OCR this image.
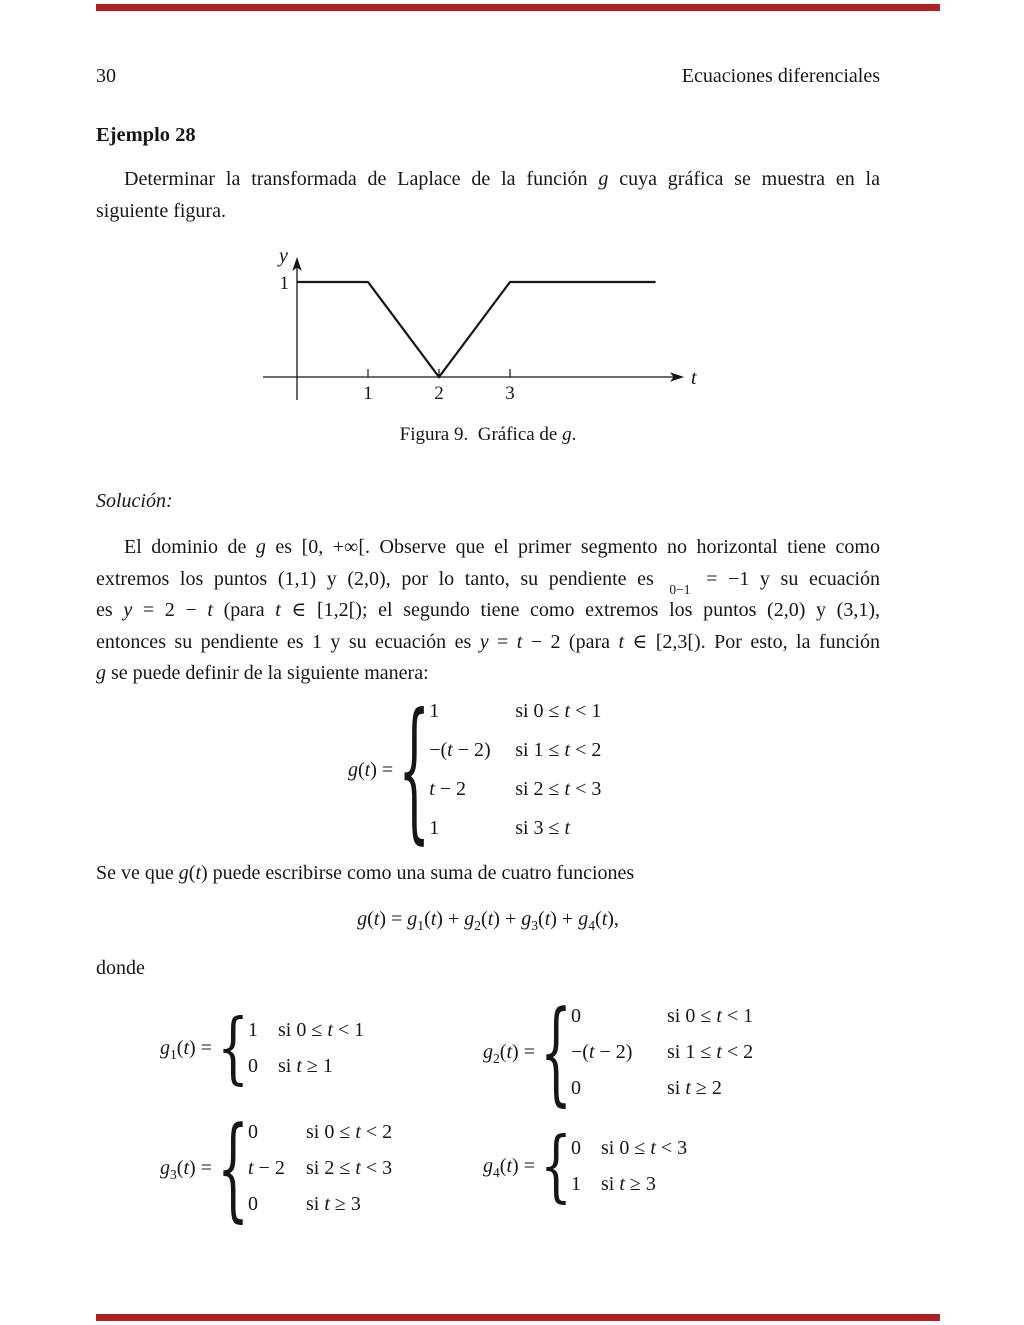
30	Ecuaciones diferenciales
Ejemplo 28
Determinar la transformada de Laplace de la función g cuya gráfica se muestra en la
siguiente figura.
y
t
1
1	2	3
Figura 9.  Gráfica de g.
Solución:
El dominio de g es [0, +∞[. Observe que el primer segmento no horizontal tiene como
extremos los puntos (1,1) y (2,0), por lo tanto, su pendiente es 0−1 = −1 y su ecuación
es y = 2 − t (para t ∈ [1,2[); el segundo tiene como extremos los puntos (2,0) y (3,1),
entonces su pendiente es 1 y su ecuación es y = t − 2 (para t ∈ [2,3[). Por esto, la función
g se puede definir de la siguiente manera:
g(t) = { 1	si 0 ≤ t < 1
−(t − 2)	si 1 ≤ t < 2
t − 2	si 2 ≤ t < 3
1	si 3 ≤ t
Se ve que g(t) puede escribirse como una suma de cuatro funciones
$g(t) = g_1(t) + g_2(t) + g_3(t) + g_4(t)$,
donde
$g_1(t)$ = { 1	si 0 ≤ t < 1
0	si t ≥ 1
$g_2(t)$ = { 0	si 0 ≤ t < 1
−(t − 2)	si 1 ≤ t < 2
0	si t ≥ 2
$g_3(t)$ = { 0	si 0 ≤ t < 2
t − 2	si 2 ≤ t < 3
0	si t ≥ 3
$g_4(t)$ = { 0	si 0 ≤ t < 3
1	si t ≥ 3
